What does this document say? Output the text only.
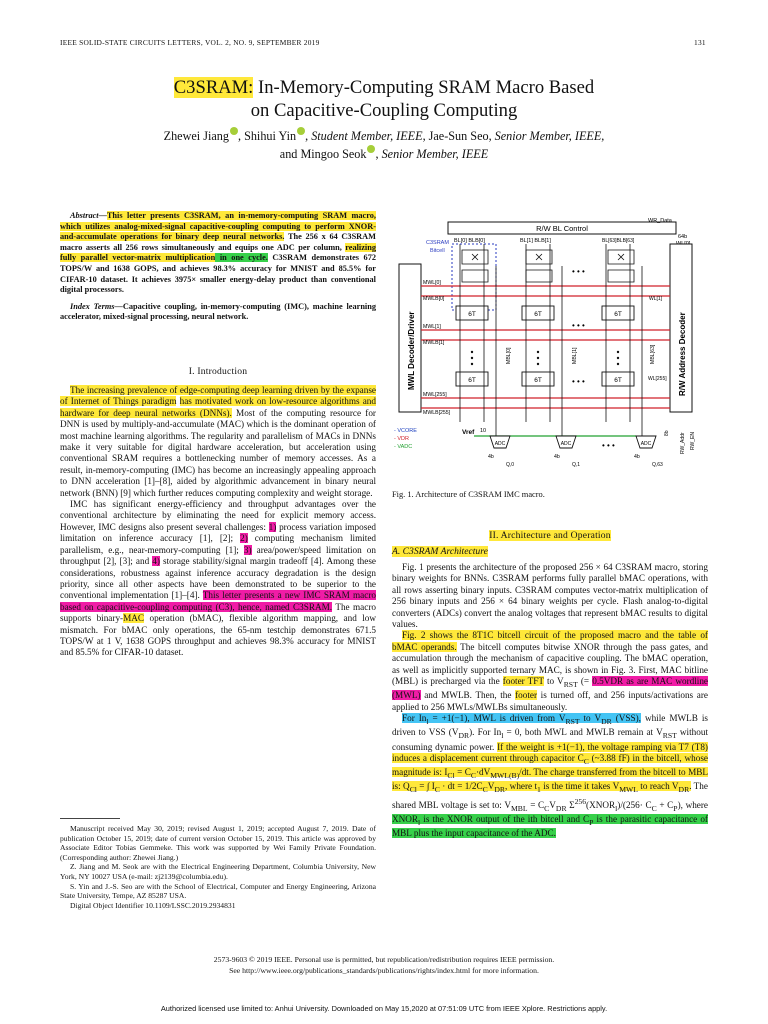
IEEE SOLID-STATE CIRCUITS LETTERS, VOL. 2, NO. 9, SEPTEMBER 2019	131
C3SRAM: In-Memory-Computing SRAM Macro Based
on Capacitive-Coupling Computing
Zhewei Jiang , Shihui Yin , Student Member, IEEE, Jae-Sun Seo, Senior Member, IEEE,
and Mingoo Seok , Senior Member, IEEE

Abstract—This letter presents C3SRAM, an in-memory-computing SRAM macro, which utilizes analog-mixed-signal capacitive-coupling computing to perform XNOR-and-accumulate operations for binary deep neural networks. The 256 x 64 C3SRAM macro asserts all 256 rows simultaneously and equips one ADC per column, realizing fully parallel vector-matrix multiplication in one cycle. C3SRAM demonstrates 672 TOPS/W and 1638 GOPS, and achieves 98.3% accuracy for MNIST and 85.5% for CIFAR-10 dataset. It achieves 3975× smaller energy-delay product than conventional digital processors.

Index Terms—Capacitive coupling, in-memory-computing (IMC), machine learning accelerator, mixed-signal processing, neural network.

I. Introduction

The increasing prevalence of edge-computing deep learning driven by the expanse of Internet of Things paradigm has motivated work on low-resource algorithms and hardware for deep neural networks (DNNs). Most of the computing resource for DNN is used by multiply-and-accumulate (MAC) which is the dominant operation of most machine learning algorithms. The regularity and parallelism of MACs in DNNs make it very suitable for digital hardware acceleration, but acceleration using conventional SRAM requires a bottlenecking number of memory accesses. As a result, in-memory-computing (IMC) has become an increasingly appealing approach to DNN acceleration [1]–[8], aided by algorithmic advancement in binary neural network (BNN) [9] which further reduces computing complexity and weight storage.

IMC has significant energy-efficiency and throughput advantages over the conventional architecture by eliminating the need for explicit memory access. However, IMC designs also present several challenges: 1) process variation imposed limitation on inference accuracy [1], [2]; 2) computing mechanism limited parallelism, e.g., near-memory-computing [1]; 3) area/power/speed limitation on throughput [2], [3]; and 4) storage stability/signal margin tradeoff [4]. Among these considerations, robustness against inference accuracy degradation is the design priority, since all other aspects have been demonstrated to be superior to the conventional implementation [1]–[4]. This letter presents a new IMC SRAM macro based on capacitive-coupling computing (C3), hence, named C3SRAM. The macro supports binary-MAC operation (bMAC), flexible algorithm mapping, and low mismatch. For bMAC only operations, the 65-nm testchip demonstrates 671.5 TOPS/W at 1 V, 1638 GOPS throughput and achieves 98.3% accuracy for MNIST and 85.5% for CIFAR-10 dataset.

Manuscript received May 30, 2019; revised August 1, 2019; accepted August 7, 2019. Date of publication October 15, 2019; date of current version October 15, 2019. This article was approved by Associate Editor Tobias Gemmeke. This work was supported by Wei Family Private Foundation. (Corresponding author: Zhewei Jiang.)

Z. Jiang and M. Seok are with the Electrical Engineering Department, Columbia University, New York, NY 10027 USA (e-mail: zj2139@columbia.edu).

S. Yin and J.-S. Seo are with the School of Electrical, Computer and Energy Engineering, Arizona State University, Tempe, AZ 85287 USA.

Digital Object Identifier 10.1109/LSSC.2019.2934831

R/W BL Control
WR_Data
64b
MWL Decoder/Driver	R/W Address Decoder
C3SRAM
Bitcell
BL[0] BLB[0]	BL[1] BLB[1]	BL[63]BLB[63]
MWL[0]
MWLB[0]
MWL[1]
MWLB[1]
MWL[255]
MWLB[255]
WL[1]
WL[255]
6T	6T	6T
6T	6T	6T
MBL[0]	MBL[1]	MBL[63]
• • •
• • •
• • •
• • •
- VCORE
- VDR
- VADC
Vref 10
ADC	ADC	ADC
4b	4b	4b
Q,0	Q,1	Q,63
8b RW_Addr RW_EN
Fig. 1. Architecture of C3SRAM IMC macro.
II. Architecture and Operation
A. C3SRAM Architecture

Fig. 1 presents the architecture of the proposed 256 × 64 C3SRAM macro, storing binary weights for BNNs. C3SRAM performs fully parallel bMAC operations, with all rows asserting binary inputs. C3SRAM computes vector-matrix multiplication of 256 binary inputs and 256 × 64 binary weights per cycle. Flash analog-to-digital converters (ADCs) convert the analog voltages that represent bMAC results to digital values.

Fig. 2 shows the 8T1C bitcell circuit of the proposed macro and the table of bMAC operands. The bitcell computes bitwise XNOR through the pass gates, and accumulation through the mechanism of capacitive coupling. The bMAC operation, as well as implicitly supported ternary MAC, is shown in Fig. 3. First, MAC bitline (MBL) is precharged via the footer TFT to $V_{RST}$ (= 0.5VDR as are MAC wordline (MWL) and MWLB. Then, the footer is turned off, and 256 inputs/activations are applied to 256 MWLs/MWLBs simultaneously.

For $In_l = +1(-1)$, MWL is driven from $V_{RST}$ to $V_{DR}$ (VSS), while MWLB is driven to VSS $(V_{DR})$. For $In_l = 0$, both MWL and MWLB remain at $V_{RST}$ without consuming dynamic power. If the weight is +1(−1), the voltage ramping via T7 (T8) induces a displacement current through capacitor $C_C$ (~3.88 fF) in the bitcell, whose magnitude is: $I_{Cl} = C_C\cdot dV_{MWL(B)}/dt$. The charge transferred from the bitcell to MBL is: $Q_{Cl}$ = ∫ $I_C$ · dt = $1/2C_CV_{DR}$, where $t_1$ is the time it takes $V_{MWL}$ to reach $V_{DR}$. The shared MBL voltage is set to: $V_{MBL} = C_CV_{DR}$ $\Sigma^{256}(XNOR_l)/(256\cdot C_C + C_P)$, where $XNOR_l$ is the XNOR output of the ith bitcell and $C_P$ is the parasitic capacitance of MBL plus the input capacitance of the ADC.

2573-9603 © 2019 IEEE. Personal use is permitted, but republication/redistribution requires IEEE permission.
See http://www.ieee.org/publications_standards/publications/rights/index.html for more information.
Authorized licensed use limited to: Anhui University. Downloaded on May 15,2020 at 07:51:09 UTC from IEEE Xplore. Restrictions apply.
